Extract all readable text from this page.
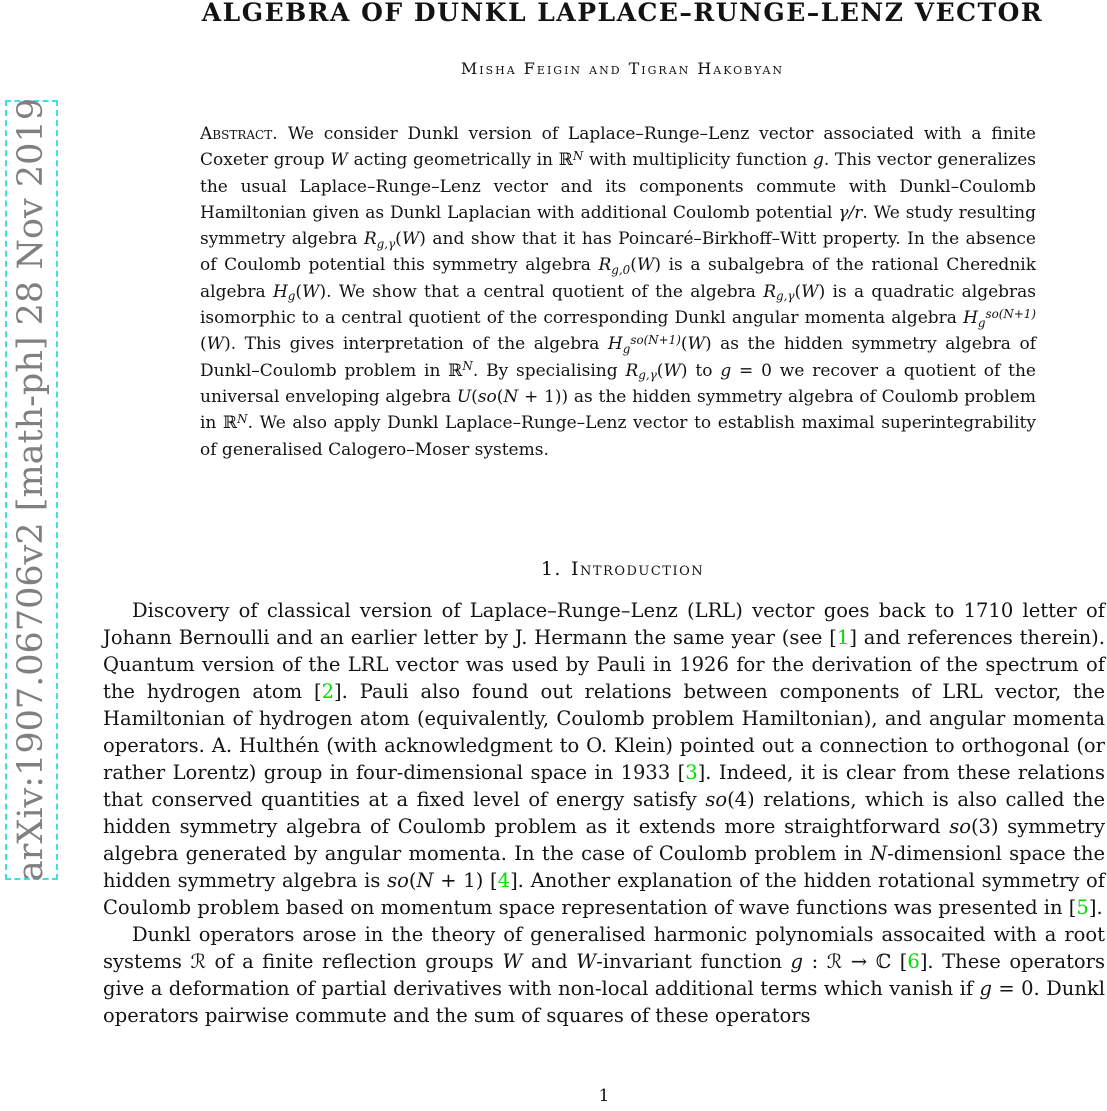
arXiv:1907.06706v2 [math-ph] 28 Nov 2019
ALGEBRA OF DUNKL LAPLACE–RUNGE–LENZ VECTOR
Misha Feigin and Tigran Hakobyan
Abstract. We consider Dunkl version of Laplace–Runge–Lenz vector associated with a finite Coxeter group W acting geometrically in ℝ$^N$ with multiplicity function g. This vector generalizes the usual Laplace–Runge–Lenz vector and its components commute with Dunkl–Coulomb Hamiltonian given as Dunkl Laplacian with additional Coulomb potential γ/r. We study resulting symmetry algebra $R_{g,\gamma}(W)$ and show that it has Poincaré–Birkhoff–Witt property. In the absence of Coulomb potential this symmetry algebra $R_{g,0}(W)$ is a subalgebra of the rational Cherednik algebra $H_g(W)$. We show that a central quotient of the algebra $R_{g,\gamma}(W)$ is a quadratic algebras isomorphic to a central quotient of the corresponding Dunkl angular momenta algebra $H_g^{so(N+1)}(W)$. This gives interpretation of the algebra $H_g^{so(N+1)}(W)$ as the hidden symmetry algebra of Dunkl–Coulomb problem in ℝ$^N$. By specialising $R_{g,\gamma}(W)$ to g = 0 we recover a quotient of the universal enveloping algebra U(so(N + 1)) as the hidden symmetry algebra of Coulomb problem in ℝ$^N$. We also apply Dunkl Laplace–Runge–Lenz vector to establish maximal superintegrability of generalised Calogero–Moser systems.
1. Introduction

Discovery of classical version of Laplace–Runge–Lenz (LRL) vector goes back to 1710 letter of Johann Bernoulli and an earlier letter by J. Hermann the same year (see [1] and references therein). Quantum version of the LRL vector was used by Pauli in 1926 for the derivation of the spectrum of the hydrogen atom [2]. Pauli also found out relations between components of LRL vector, the Hamiltonian of hydrogen atom (equivalently, Coulomb problem Hamiltonian), and angular momenta operators. A. Hulthén (with acknowledgment to O. Klein) pointed out a connection to orthogonal (or rather Lorentz) group in four-dimensional space in 1933 [3]. Indeed, it is clear from these relations that conserved quantities at a fixed level of energy satisfy so(4) relations, which is also called the hidden symmetry algebra of Coulomb problem as it extends more straightforward so(3) symmetry algebra generated by angular momenta. In the case of Coulomb problem in N-dimensionl space the hidden symmetry algebra is so(N + 1) [4]. Another explanation of the hidden rotational symmetry of Coulomb problem based on momentum space representation of wave functions was presented in [5].

Dunkl operators arose in the theory of generalised harmonic polynomials assocaited with a root systems ℛ of a finite reflection groups W and W-invariant function g : ℛ → ℂ [6]. These operators give a deformation of partial derivatives with non-local additional terms which vanish if g = 0. Dunkl operators pairwise commute and the sum of squares of these operators

1
